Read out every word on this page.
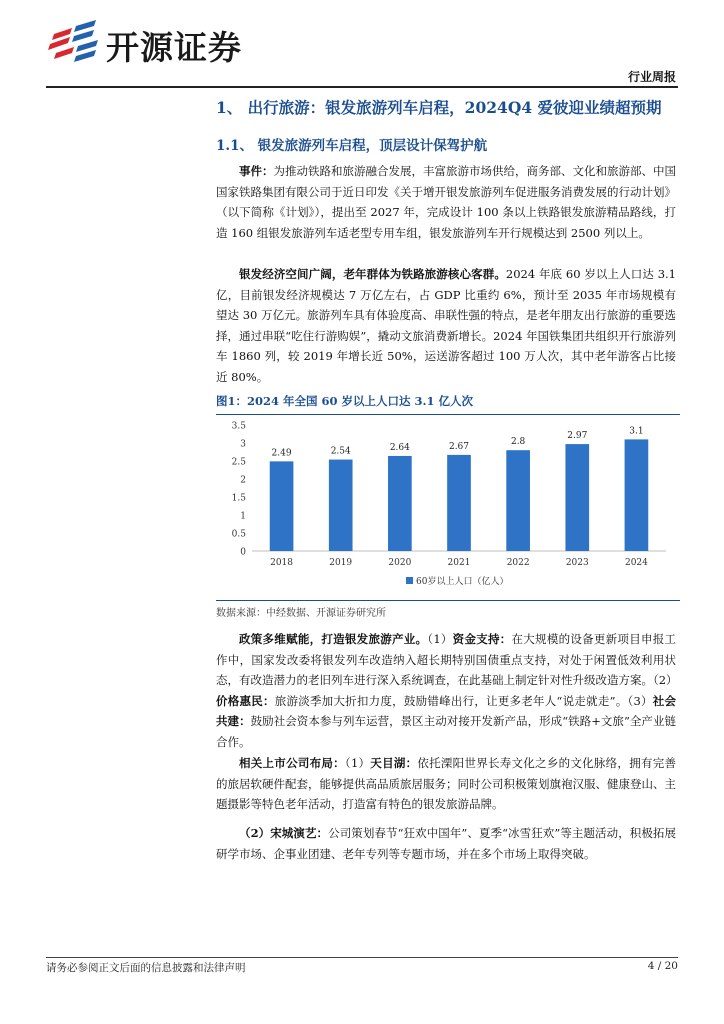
开源证券
行业周报
1、 出行旅游：银发旅游列车启程，2024Q4 爱彼迎业绩超预期
1.1、 银发旅游列车启程，顶层设计保驾护航

事件：为推动铁路和旅游融合发展，丰富旅游市场供给，商务部、文化和旅游部、中国国家铁路集团有限公司于近日印发《关于增开银发旅游列车促进服务消费发展的行动计划》（以下简称《计划》），提出至 2027 年，完成设计 100 条以上铁路银发旅游精品路线，打造 160 组银发旅游列车适老型专用车组，银发旅游列车开行规模达到 2500 列以上。

银发经济空间广阔，老年群体为铁路旅游核心客群。2024 年底 60 岁以上人口达 3.1 亿，目前银发经济规模达 7 万亿左右，占 GDP 比重约 6%，预计至 2035 年市场规模有望达 30 万亿元。旅游列车具有体验度高、串联性强的特点，是老年朋友出行旅游的重要选择，通过串联“吃住行游购娱”，撬动文旅消费新增长。2024 年国铁集团共组织开行旅游列车 1860 列，较 2019 年增长近 50%，运送游客超过 100 万人次，其中老年游客占比接近 80%。

图1：2024 年全国 60 岁以上人口达 3.1 亿人次
0
0.5
1
1.5
2
2.5
3
3.5
2.49
2018
2.54
2019
2.64
2020
2.67
2021
2.8
2022
2.97
2023
3.1
2024
60岁以上人口（亿人）
数据来源：中经数据、开源证券研究所

政策多维赋能，打造银发旅游产业。（1）资金支持：在大规模的设备更新项目申报工作中，国家发改委将银发列车改造纳入超长期特别国债重点支持，对处于闲置低效利用状态，有改造潜力的老旧列车进行深入系统调查，在此基础上制定针对性升级改造方案。（2）价格惠民：旅游淡季加大折扣力度，鼓励错峰出行，让更多老年人“说走就走”。（3）社会共建：鼓励社会资本参与列车运营，景区主动对接开发新产品，形成“铁路+文旅”全产业链合作。

相关上市公司布局：（1）天目湖：依托溧阳世界长寿文化之乡的文化脉络，拥有完善的旅居软硬件配套，能够提供高品质旅居服务；同时公司积极策划旗袍汉服、健康登山、主题摄影等特色老年活动，打造富有特色的银发旅游品牌。

（2）宋城演艺：公司策划春节“狂欢中国年”、夏季“冰雪狂欢”等主题活动，积极拓展研学市场、企事业团建、老年专列等专题市场，并在多个市场上取得突破。

请务必参阅正文后面的信息披露和法律声明	4 / 20
